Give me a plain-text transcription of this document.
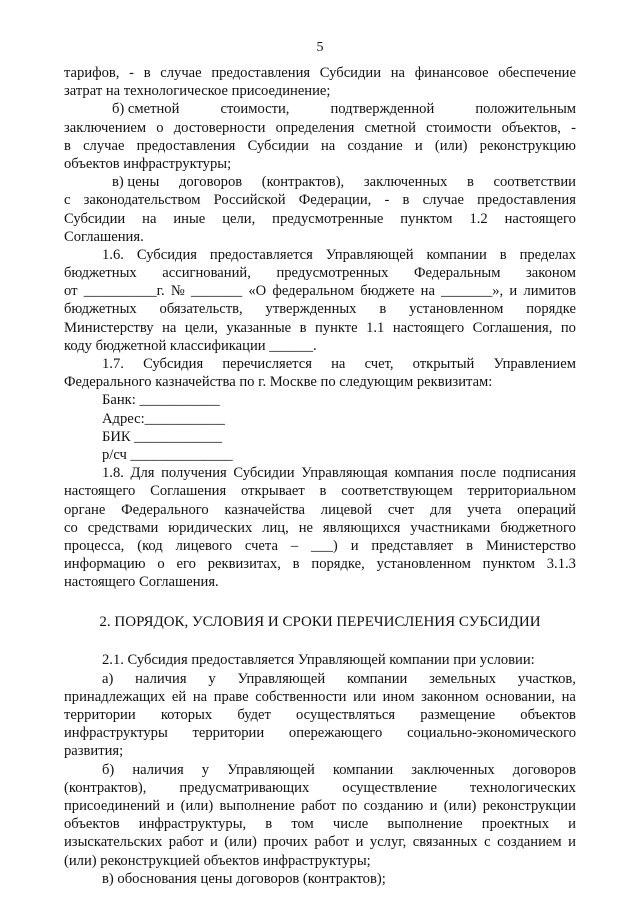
5
тарифов, - в случае предоставления Субсидии на финансовое обеспечение
затрат на технологическое присоединение;
б) сметной	стоимости,	подтвержденной	положительным
заключением о достоверности определения сметной стоимости объектов, -
в случае предоставления Субсидии на создание и (или) реконструкцию
объектов инфраструктуры;
в) цены договоров (контрактов), заключенных в соответствии
с законодательством Российской Федерации, - в случае предоставления
Субсидии на иные цели, предусмотренные пунктом 1.2 настоящего
Соглашения.
1.6. Субсидия предоставляется Управляющей компании в пределах
бюджетных ассигнований, предусмотренных Федеральным законом
от __________г. № _______ «О федеральном бюджете на _______», и лимитов
бюджетных обязательств, утвержденных в установленном порядке
Министерству на цели, указанные в пункте 1.1 настоящего Соглашения, по
коду бюджетной классификации ______.
1.7. Субсидия перечисляется на счет, открытый Управлением
Федерального казначейства по г. Москве по следующим реквизитам:
Банк: ___________
Адрес:___________
БИК ____________
р/сч ______________
1.8. Для получения Субсидии Управляющая компания после подписания
настоящего Соглашения открывает в соответствующем территориальном
органе Федерального казначейства лицевой счет для учета операций
со средствами юридических лиц, не являющихся участниками бюджетного
процесса, (код лицевого счета – ___) и представляет в Министерство
информацию о его реквизитах, в порядке, установленном пунктом 3.1.3
настоящего Соглашения.
2. ПОРЯДОК, УСЛОВИЯ И СРОКИ ПЕРЕЧИСЛЕНИЯ СУБСИДИИ
2.1. Субсидия предоставляется Управляющей компании при условии:
а) наличия у Управляющей компании земельных участков,
принадлежащих ей на праве собственности или ином законном основании, на
территории которых будет осуществляться размещение объектов
инфраструктуры территории опережающего социально-экономического
развития;
б) наличия у Управляющей компании заключенных договоров
(контрактов), предусматривающих осуществление технологических
присоединений и (или) выполнение работ по созданию и (или) реконструкции
объектов инфраструктуры, в том числе выполнение проектных и
изыскательских работ и (или) прочих работ и услуг, связанных с созданием и
(или) реконструкцией объектов инфраструктуры;
в) обоснования цены договоров (контрактов);
